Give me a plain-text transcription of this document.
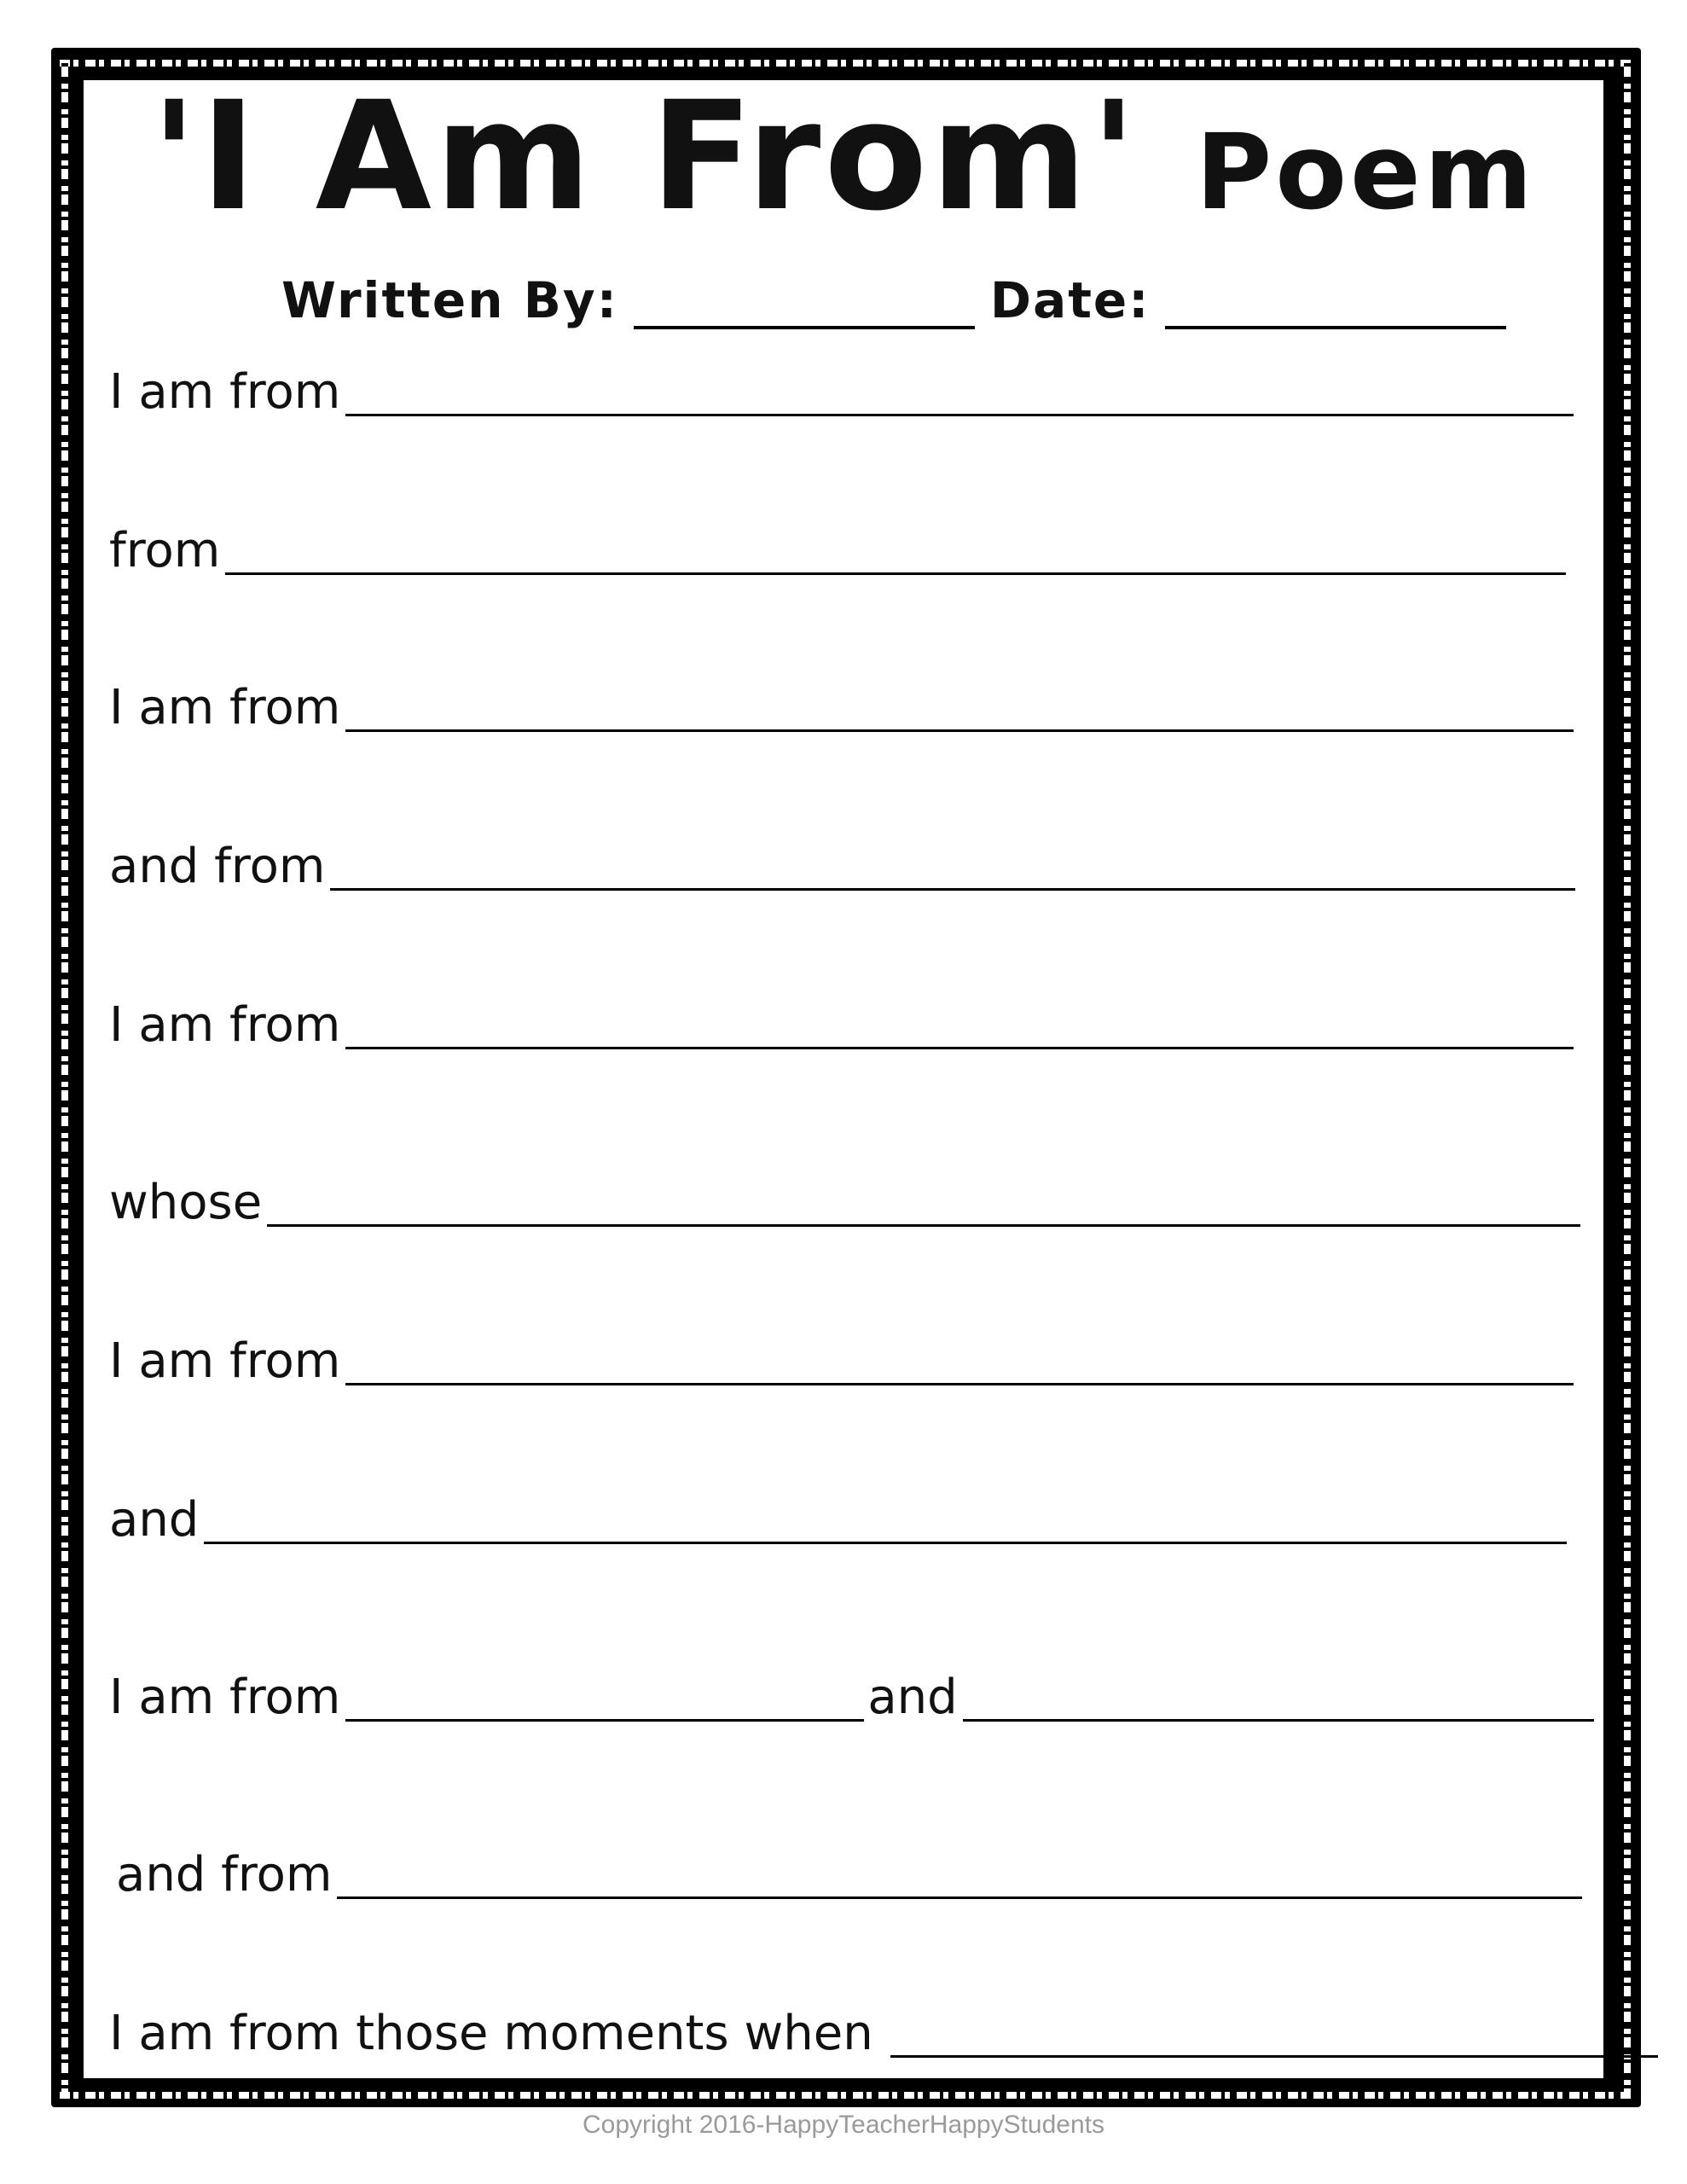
'I Am From' Poem
Written By:	Date:
I am from
from
I am from
and from
I am from
whose
I am from
and
I am from	and
and from
I am from those moments when
Copyright 2016-HappyTeacherHappyStudents
